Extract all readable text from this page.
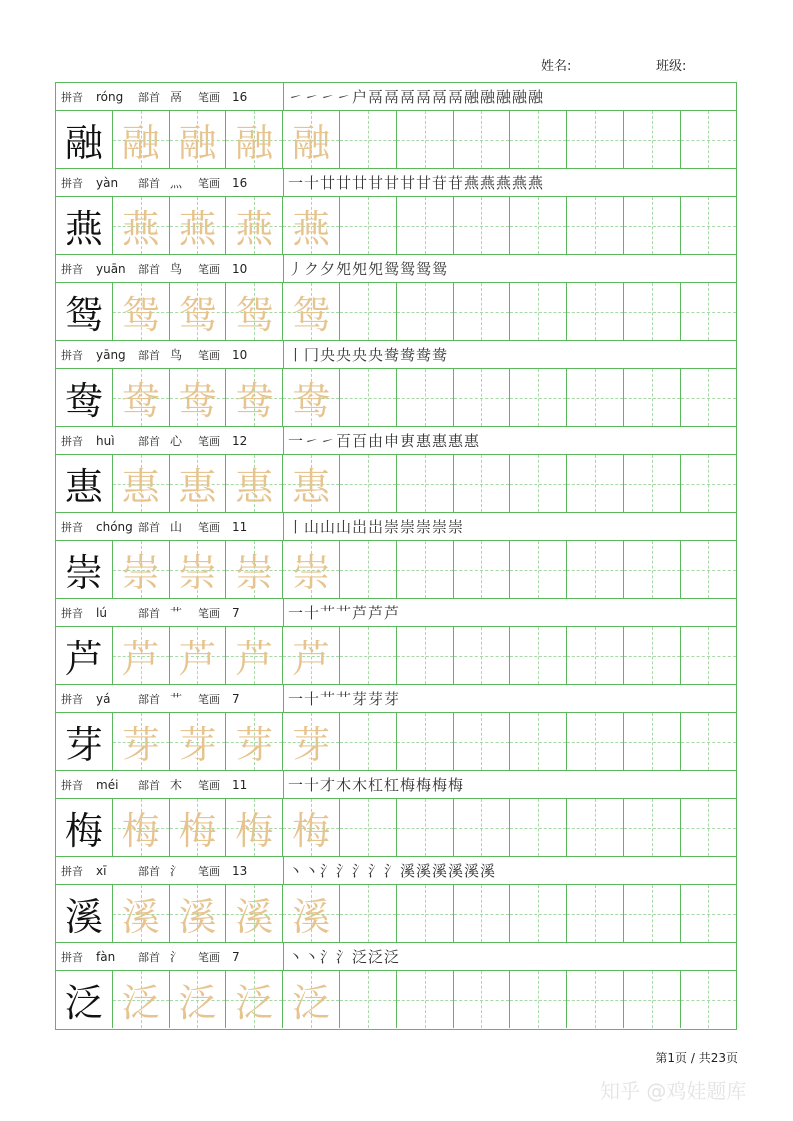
姓名:	班级:
拼音 róng	部首 鬲	笔画	16	㇀㇀㇀㇀户鬲鬲鬲鬲鬲鬲融融融融融
融 融 融 融 融
拼音 yàn	部首 灬	笔画	16	一十廿廿廿甘甘甘甘苷苷燕燕燕燕燕
燕 燕 燕 燕 燕
拼音 yuān	部首 鸟	笔画	10	丿ク夕夗夗夗鸳鸳鸳鸳
鸳 鸳 鸳 鸳 鸳
拼音 yāng	部首 鸟	笔画	10	丨冂央央央央鸯鸯鸯鸯
鸯 鸯 鸯 鸯 鸯
拼音 huì	部首 心	笔画	12	一㇀㇀百百由申叀惠惠惠惠
惠 惠 惠 惠 惠
拼音 chóng 部首 山	笔画	11	丨山山山岀岀崇崇崇崇崇
崇 崇 崇 崇 崇
拼音 lú	部首 艹	笔画	7	一十艹艹芦芦芦
芦 芦 芦 芦 芦
拼音 yá	部首 艹	笔画	7	一十艹艹芽芽芽
芽 芽 芽 芽 芽
拼音 méi	部首 木	笔画	11	一十才木木杠杠梅梅梅梅
梅 梅 梅 梅 梅
拼音 xī	部首 氵	笔画	13	丶丶氵氵氵氵氵溪溪溪溪溪溪
溪 溪 溪 溪 溪
拼音 fàn	部首 氵	笔画	7	丶丶氵氵泛泛泛
泛 泛 泛 泛 泛
第1页 / 共23页
知乎 @鸡娃题库
